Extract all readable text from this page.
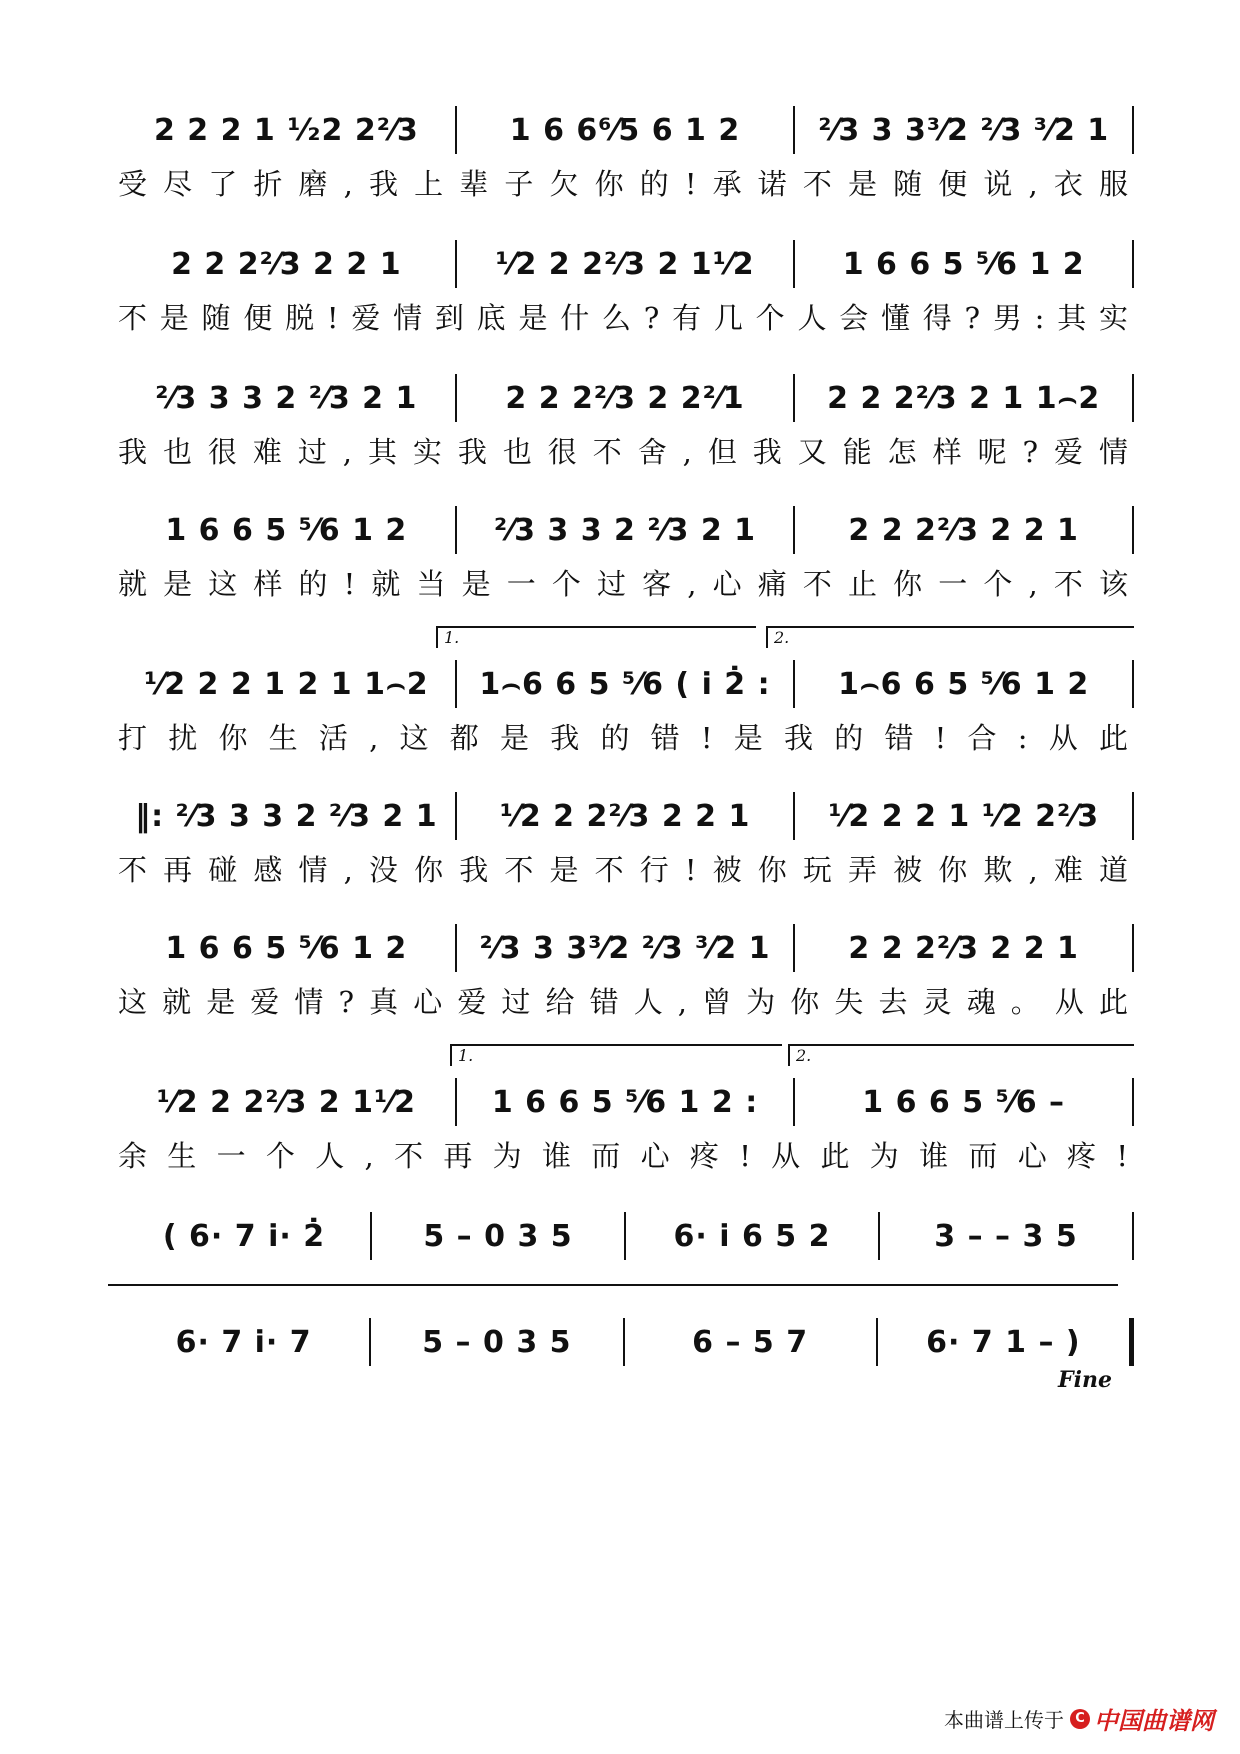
2 2 2 1 ¹⁄₂2 2²⁄3	1 6 6⁶⁄5 6 1 2	²⁄3 3 3³⁄2 ²⁄3 ³⁄2 1
受尽了折磨,我上辈子欠你的!承诺不是随便说,衣服
2 2 2²⁄3 2 2 1	¹⁄2 2 2²⁄3 2 1¹⁄2	1 6 6 5 ⁵⁄6 1 2
不是随便脱!爱情到底是什么?有几个人会懂得?男:其实
²⁄3 3 3 2 ²⁄3 2 1	2 2 2²⁄3 2 2²⁄1	2 2 2²⁄3 2 1 1⌢2
我也很难过,其实我也很不舍,但我又能怎样呢?爱情
1 6 6 5 ⁵⁄6 1 2	²⁄3 3 3 2 ²⁄3 2 1	2 2 2²⁄3 2 2 1
就是这样的!就当是一个过客,心痛不止你一个,不该
1.	2.
¹⁄2 2 2 1 2 1 1⌢2	1⌢6 6 5 ⁵⁄6 ( i̇ 2̇ :	1⌢6 6 5 ⁵⁄6 1 2
打扰你生活,这都是我的错!是我的错!合:从此
‖: ²⁄3 3 3 2 ²⁄3 2 1	¹⁄2 2 2²⁄3 2 2 1	¹⁄2 2 2 1 ¹⁄2 2²⁄3
不再碰感情,没你我不是不行!被你玩弄被你欺,难道
1 6 6 5 ⁵⁄6 1 2	²⁄3 3 3³⁄2 ²⁄3 ³⁄2 1	2 2 2²⁄3 2 2 1
这就是爱情?真心爱过给错人,曾为你失去灵魂。从此
1.	2.
¹⁄2 2 2²⁄3 2 1¹⁄2	1 6 6 5 ⁵⁄6 1 2 :	1 6 6 5 ⁵⁄6 –
余生一个人,不再为谁而心疼!从此为谁而心疼!
( 6· 7 i̇· 2̇	5 – 0 3 5	6· i̇ 6 5 2	3 – – 3 5
6· 7 i̇· 7	5 – 0 3 5	6 – 5 7	6· 7 1 – )
Fine
本曲谱上传于 C 中国曲谱网
